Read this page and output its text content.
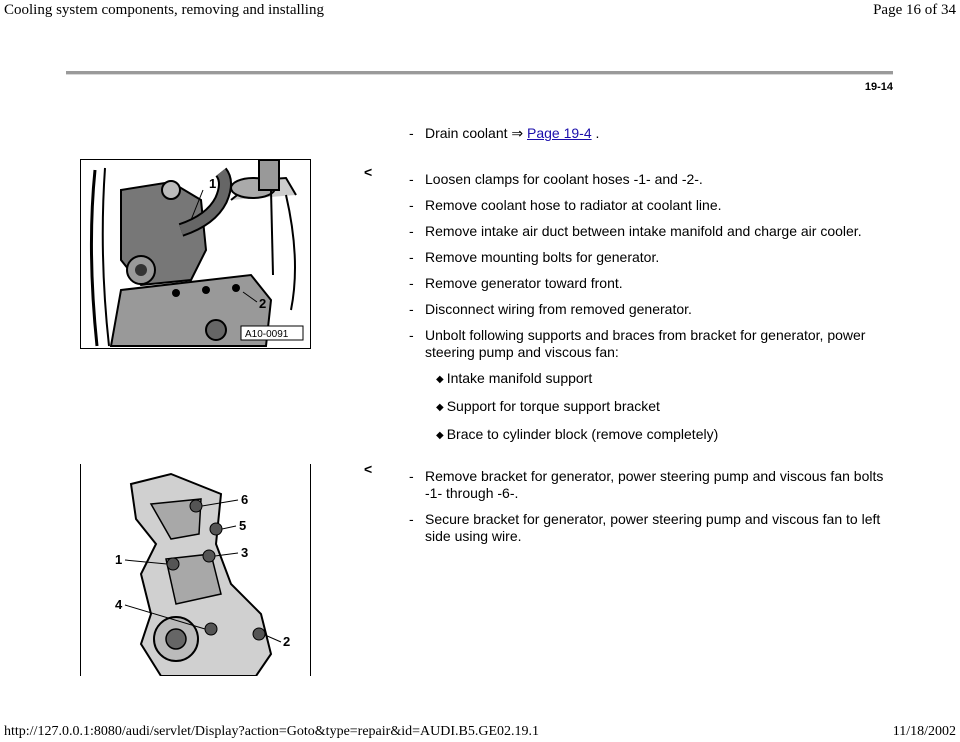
Cooling system components, removing and installing	Page 16 of 34
19-14
- Drain coolant ⇒ Page 19-4 .
1
2
A10-0091
<	- Loosen clamps for coolant hoses -1- and -2-.
- Remove coolant hose to radiator at coolant line.
- Remove intake air duct between intake manifold and charge air cooler.
- Remove mounting bolts for generator.
- Remove generator toward front.
- Disconnect wiring from removed generator.
- Unbolt following supports and braces from bracket for generator, power steering pump and viscous fan:
◆ Intake manifold support
◆ Support for torque support bracket
◆ Brace to cylinder block (remove completely)
6
5
3
1
4
2
<	- Remove bracket for generator, power steering pump and viscous fan bolts -1- through -6-.
- Secure bracket for generator, power steering pump and viscous fan to left side using wire.
http://127.0.0.1:8080/audi/servlet/Display?action=Goto&type=repair&id=AUDI.B5.GE02.19.1	11/18/2002
